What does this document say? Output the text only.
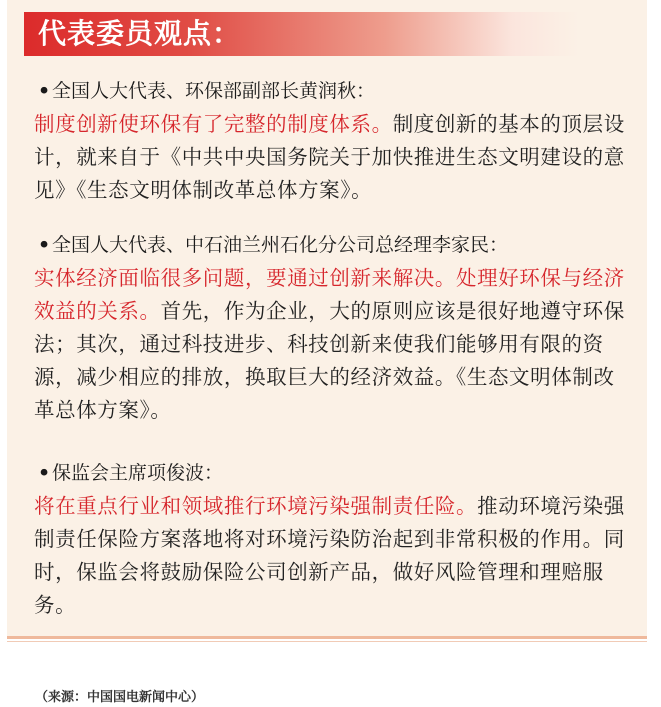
代表委员观点：
•全国人大代表、环保部副部长黄润秋：
制度创新使环保有了完整的制度体系。制度创新的基本的顶层设计，就来自于《中共中央国务院关于加快推进生态文明建设的意见》《生态文明体制改革总体方案》。
•全国人大代表、中石油兰州石化分公司总经理李家民：
实体经济面临很多问题，要通过创新来解决。处理好环保与经济效益的关系。首先，作为企业，大的原则应该是很好地遵守环保法；其次，通过科技进步、科技创新来使我们能够用有限的资源，减少相应的排放，换取巨大的经济效益。《生态文明体制改革总体方案》。
•保监会主席项俊波：
将在重点行业和领域推行环境污染强制责任险。推动环境污染强制责任保险方案落地将对环境污染防治起到非常积极的作用。同时，保监会将鼓励保险公司创新产品，做好风险管理和理赔服务。
（来源：中国国电新闻中心）
